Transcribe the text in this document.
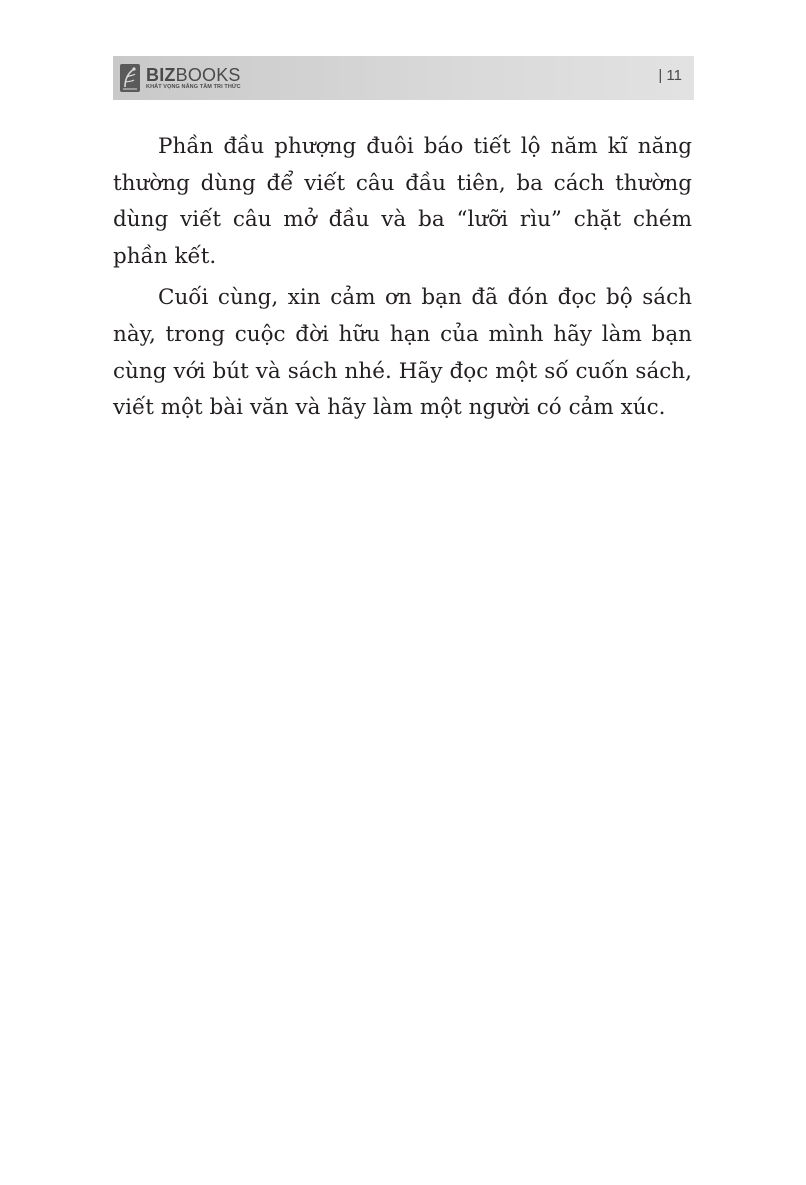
BIZBOOKS
KHÁT VỌNG NÂNG TẦM TRI THỨC
| 11

Phần đầu phượng đuôi báo tiết lộ năm kĩ năng thường dùng để viết câu đầu tiên, ba cách thường dùng viết câu mở đầu và ba “lưỡi rìu” chặt chém phần kết.

Cuối cùng, xin cảm ơn bạn đã đón đọc bộ sách này, trong cuộc đời hữu hạn của mình hãy làm bạn cùng với bút và sách nhé. Hãy đọc một số cuốn sách, viết một bài văn và hãy làm một người có cảm xúc.
